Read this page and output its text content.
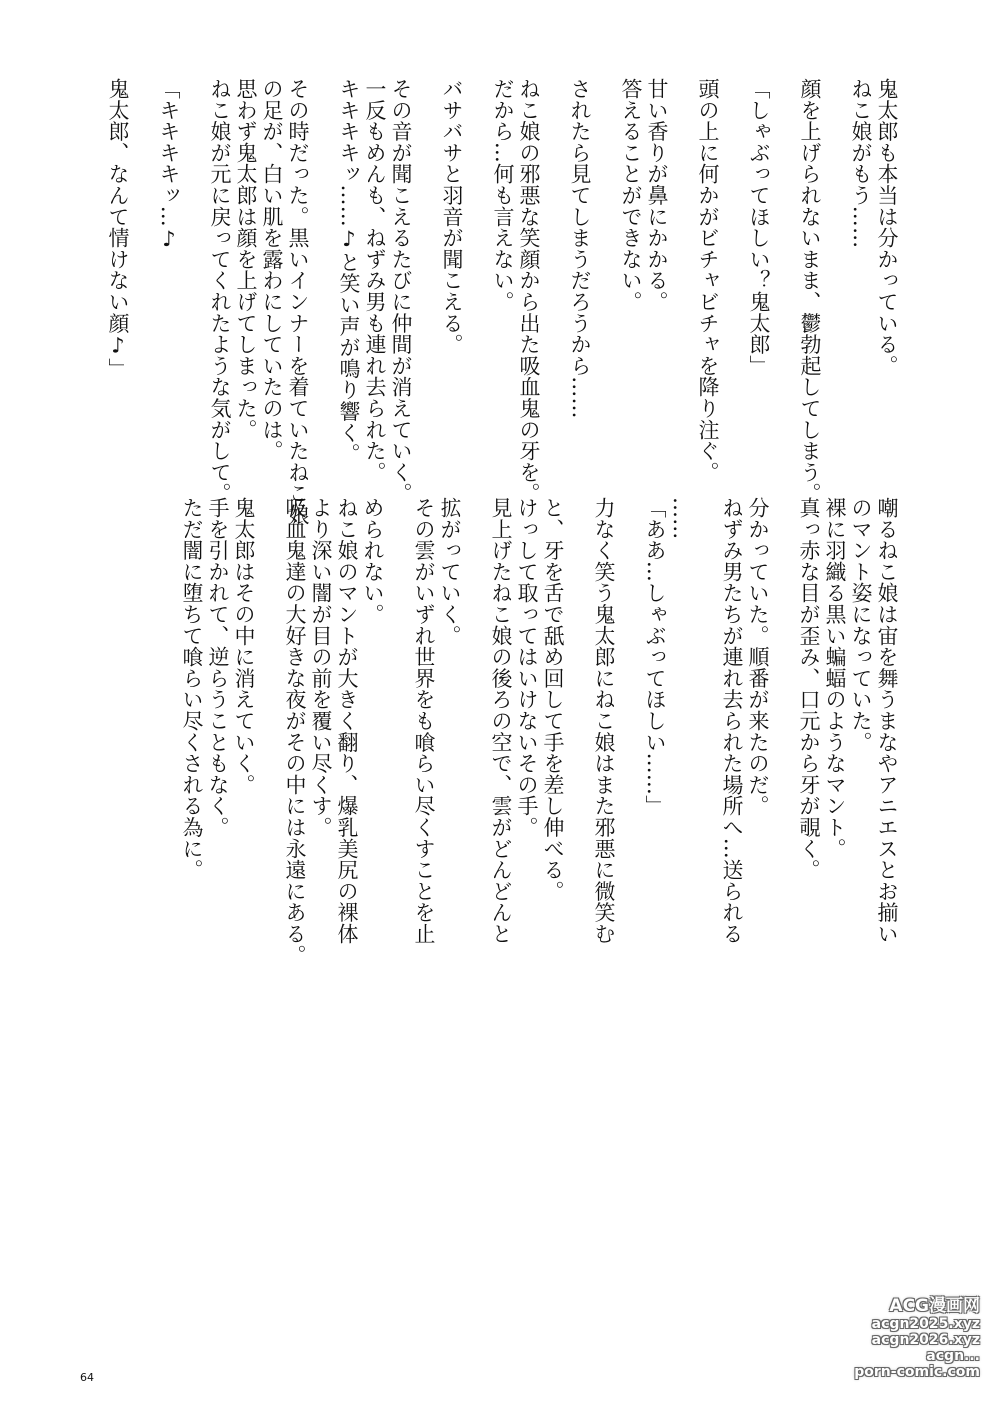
鬼太郎も本当は分かっている。
ねこ娘がもう……
顔を上げられないまま、鬱勃起してしまう。
「しゃぶってほしい？鬼太郎」
頭の上に何かがビチャビチャを降り注ぐ。
甘い香りが鼻にかかる。
答えることができない。
されたら見てしまうだろうから……
ねこ娘の邪悪な笑顔から出た吸血鬼の牙を。
だから…何も言えない。
バサバサと羽音が聞こえる。
その音が聞こえるたびに仲間が消えていく。
一反もめんも、ねずみ男も連れ去られた。
キキキキッ……♪と笑い声が鳴り響く。
その時だった。黒いインナーを着ていたねこ娘
の足が、白い肌を露わにしていたのは。
思わず鬼太郎は顔を上げてしまった。
ねこ娘が元に戻ってくれたような気がして。
「キキキキッ…♪
鬼太郎、なんて情けない顔♪」
嘲るねこ娘は宙を舞うまなやアニエスとお揃い
のマント姿になっていた。
裸に羽織る黒い蝙蝠のようなマント。
真っ赤な目が歪み、口元から牙が覗く。
分かっていた。順番が来たのだ。
ねずみ男たちが連れ去られた場所へ…送られる
……
「ああ…しゃぶってほしい……」
力なく笑う鬼太郎にねこ娘はまた邪悪に微笑む
と、牙を舌で舐め回して手を差し伸べる。
けっして取ってはいけないその手。
見上げたねこ娘の後ろの空で、雲がどんどんと
拡がっていく。
その雲がいずれ世界をも喰らい尽くすことを止
められない。
ねこ娘のマントが大きく翻り、爆乳美尻の裸体
より深い闇が目の前を覆い尽くす。
吸血鬼達の大好きな夜がその中には永遠にある。
鬼太郎はその中に消えていく。
手を引かれて、逆らうこともなく。
ただ闇に堕ちて喰らい尽くされる為に。
64
ACG漫画网
acgn2025.xyz
acgn2026.xyz
acgn...
porn-comic.com
